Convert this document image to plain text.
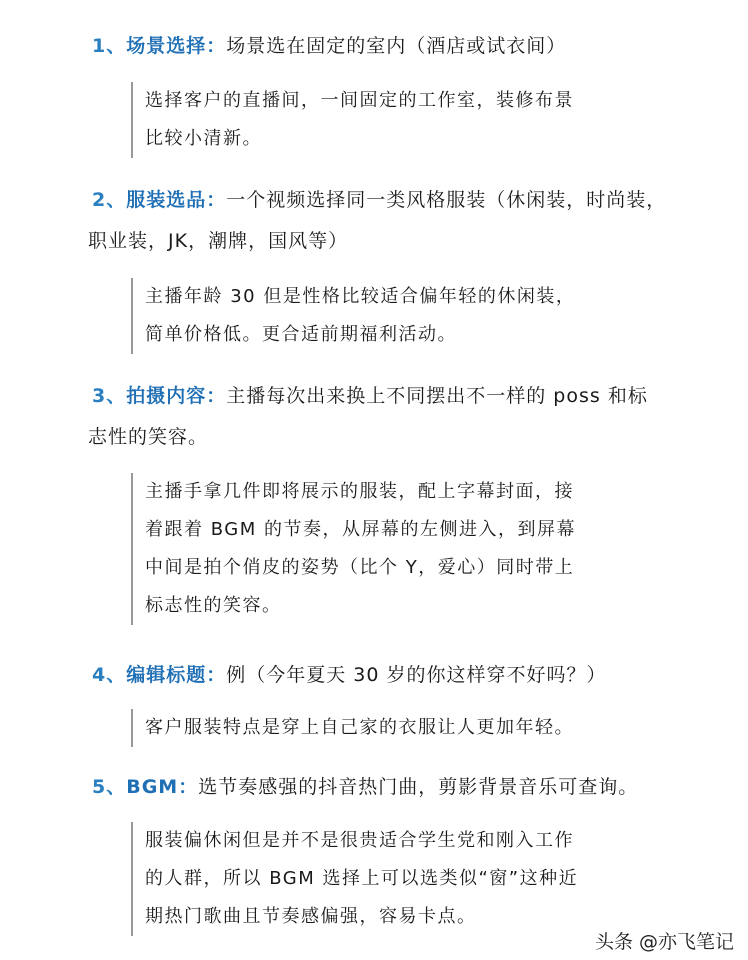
1、场景选择：场景选在固定的室内（酒店或试衣间）

选择客户的直播间，一间固定的工作室，装修布景

比较小清新。

2、服装选品：一个视频选择同一类风格服装（休闲装，时尚装，
职业装，JK，潮牌，国风等）

主播年龄 30 但是性格比较适合偏年轻的休闲装，

简单价格低。更合适前期福利活动。

3、拍摄内容：主播每次出来换上不同摆出不一样的 poss 和标
志性的笑容。

主播手拿几件即将展示的服装，配上字幕封面，接

着跟着 BGM 的节奏，从屏幕的左侧进入，到屏幕

中间是拍个俏皮的姿势（比个 Y，爱心）同时带上

标志性的笑容。

4、编辑标题：例（今年夏天 30 岁的你这样穿不好吗？）

客户服装特点是穿上自己家的衣服让人更加年轻。

5、BGM：选节奏感强的抖音热门曲，剪影背景音乐可查询。

服装偏休闲但是并不是很贵适合学生党和刚入工作

的人群，所以 BGM 选择上可以选类似“窗”这种近

期热门歌曲且节奏感偏强，容易卡点。

头条 @亦飞笔记
